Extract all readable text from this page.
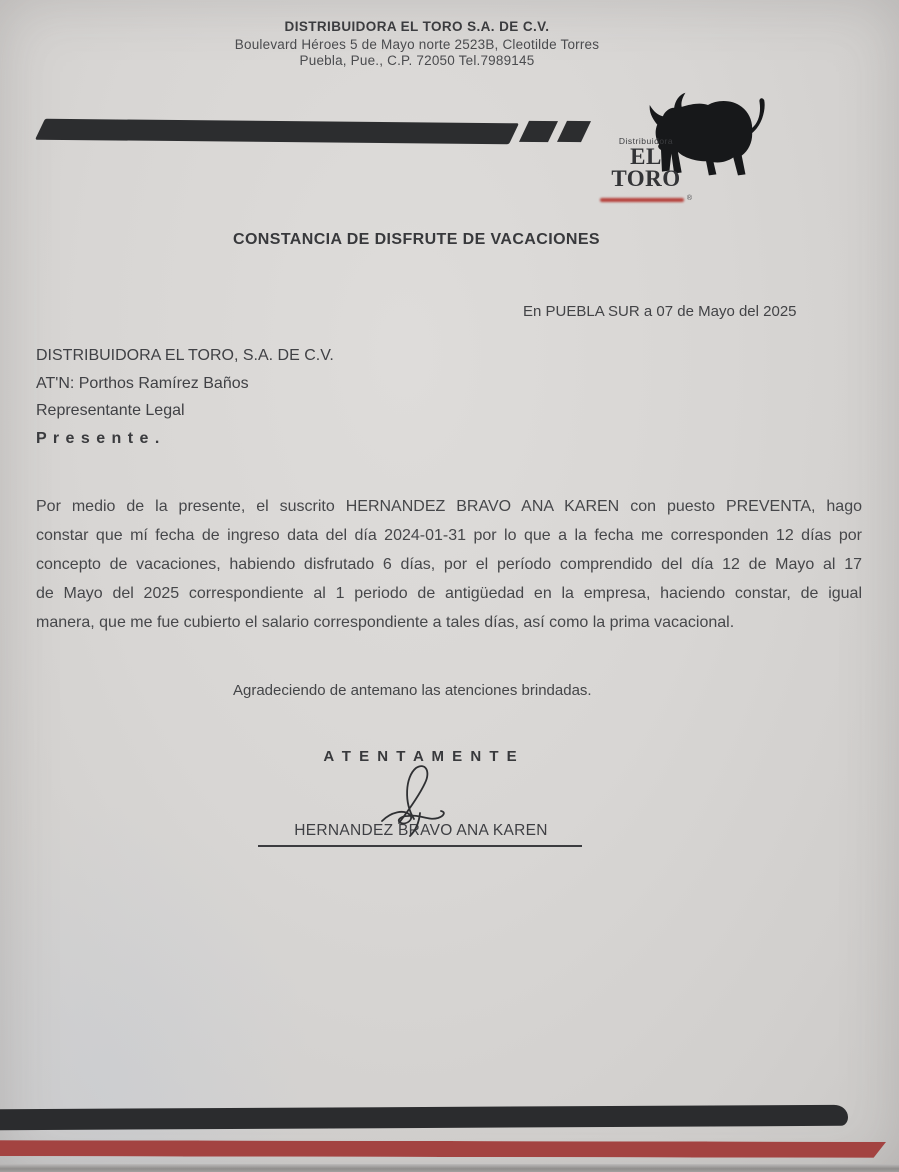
DISTRIBUIDORA EL TORO S.A. DE C.V.
Boulevard Héroes 5 de Mayo norte 2523B, Cleotilde Torres
Puebla, Pue., C.P. 72050 Tel.7989145
Distribuidora
EL TORO
®
CONSTANCIA DE DISFRUTE DE VACACIONES
En PUEBLA SUR a 07 de Mayo del 2025
DISTRIBUIDORA EL TORO, S.A. DE C.V.
AT'N: Porthos Ramírez Baños
Representante Legal
P r e s e n t e .
Por medio de la presente, el suscrito HERNANDEZ BRAVO ANA KAREN con puesto PREVENTA, hago
constar que mí fecha de ingreso data del día 2024-01-31 por lo que a la fecha me corresponden 12 días por
concepto de vacaciones, habiendo disfrutado 6 días, por el período comprendido del día 12 de Mayo al 17
de Mayo del 2025 correspondiente al 1 periodo de antigüedad en la empresa, haciendo constar, de igual
manera, que me fue cubierto el salario correspondiente a tales días, así como la prima vacacional.
Agradeciendo de antemano las atenciones brindadas.
A T E N T A M E N T E
HERNANDEZ BRAVO ANA KAREN
